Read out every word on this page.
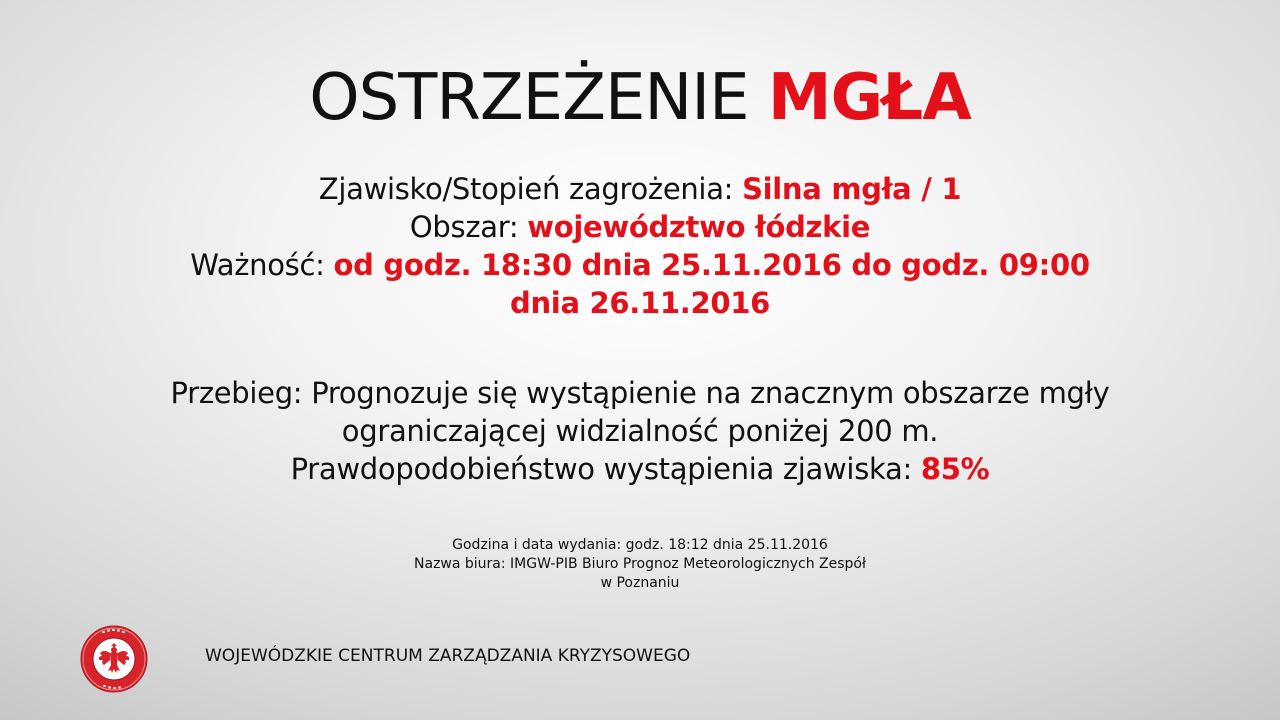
OSTRZEŻENIE MGŁA
Zjawisko/Stopień zagrożenia: Silna mgła / 1
Obszar: województwo łódzkie
Ważność: od godz. 18:30 dnia 25.11.2016 do godz. 09:00
dnia 26.11.2016
Przebieg: Prognozuje się wystąpienie na znacznym obszarze mgły
ograniczającej widzialność poniżej 200 m.
Prawdopodobieństwo wystąpienia zjawiska: 85%
Godzina i data wydania: godz. 18:12 dnia 25.11.2016
Nazwa biura: IMGW-PIB Biuro Prognoz Meteorologicznych Zespół
w Poznaniu
WOJEWÓDZKIE CENTRUM ZARZĄDZANIA KRYZYSOWEGO
